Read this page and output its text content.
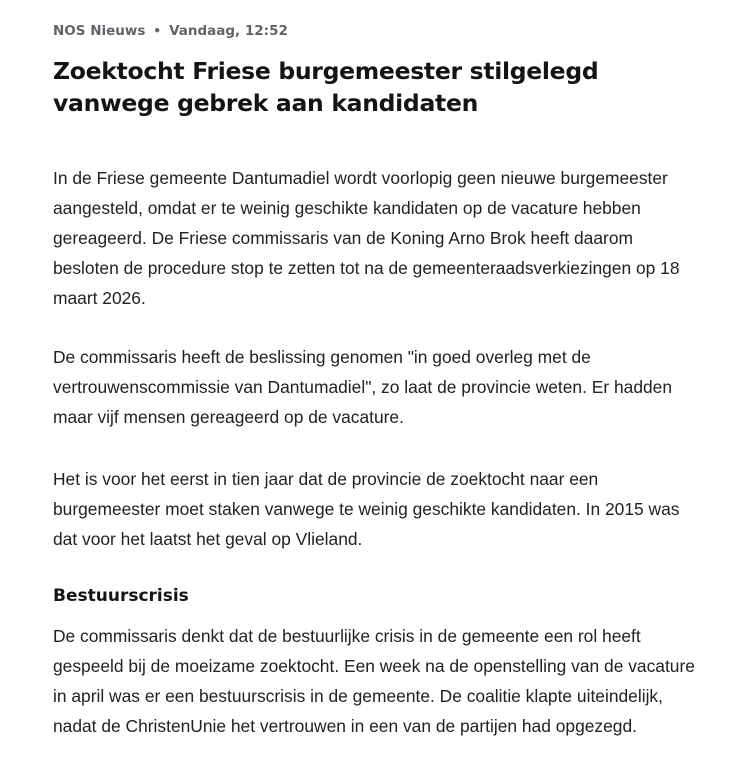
NOS Nieuws • Vandaag, 12:52
Zoektocht Friese burgemeester stilgelegd vanwege gebrek aan kandidaten

In de Friese gemeente Dantumadiel wordt voorlopig geen nieuwe burgemeester aangesteld, omdat er te weinig geschikte kandidaten op de vacature hebben gereageerd. De Friese commissaris van de Koning Arno Brok heeft daarom besloten de procedure stop te zetten tot na de gemeenteraadsverkiezingen op 18 maart 2026.

De commissaris heeft de beslissing genomen "in goed overleg met de vertrouwenscommissie van Dantumadiel", zo laat de provincie weten. Er hadden maar vijf mensen gereageerd op de vacature.

Het is voor het eerst in tien jaar dat de provincie de zoektocht naar een burgemeester moet staken vanwege te weinig geschikte kandidaten. In 2015 was dat voor het laatst het geval op Vlieland.

Bestuurscrisis

De commissaris denkt dat de bestuurlijke crisis in de gemeente een rol heeft gespeeld bij de moeizame zoektocht. Een week na de openstelling van de vacature in april was er een bestuurscrisis in de gemeente. De coalitie klapte uiteindelijk, nadat de ChristenUnie het vertrouwen in een van de partijen had opgezegd.
